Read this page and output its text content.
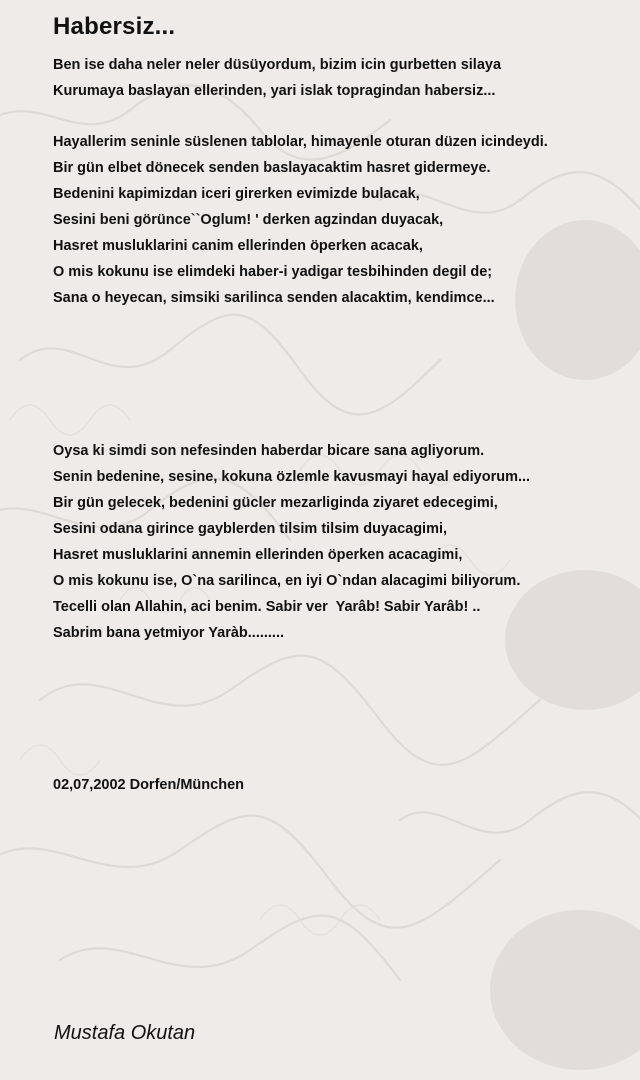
Habersiz...
Ben ise daha neler neler düsüyordum, bizim icin gurbetten silaya
Kurumaya baslayan ellerinden, yari islak topragindan habersiz...
Hayallerim seninle süslenen tablolar, himayenle oturan düzen icindeydi.
Bir gün elbet dönecek senden baslayacaktim hasret gidermeye.
Bedenini kapimizdan iceri girerken evimizde bulacak,
Sesini beni görünce``Oglum! ' derken agzindan duyacak,
Hasret musluklarini canim ellerinden öperken acacak,
O mis kokunu ise elimdeki haber-i yadigar tesbihinden degil de;
Sana o heyecan, simsiki sarilinca senden alacaktim, kendimce...
Oysa ki simdi son nefesinden haberdar bicare sana agliyorum.
Senin bedenine, sesine, kokuna özlemle kavusmayi hayal ediyorum...
Bir gün gelecek, bedenini gücler mezarliginda ziyaret edecegimi,
Sesini odana girince gayblerden tilsim tilsim duyacagimi,
Hasret musluklarini annemin ellerinden öperken acacagimi,
O mis kokunu ise, O`na sarilinca, en iyi O`ndan alacagimi biliyorum.
Tecelli olan Allahin, aci benim. Sabir ver  Yarâb! Sabir Yarâb! ..
Sabrim bana yetmiyor Yaràb.........

02,07,2002 Dorfen/München

Mustafa Okutan
